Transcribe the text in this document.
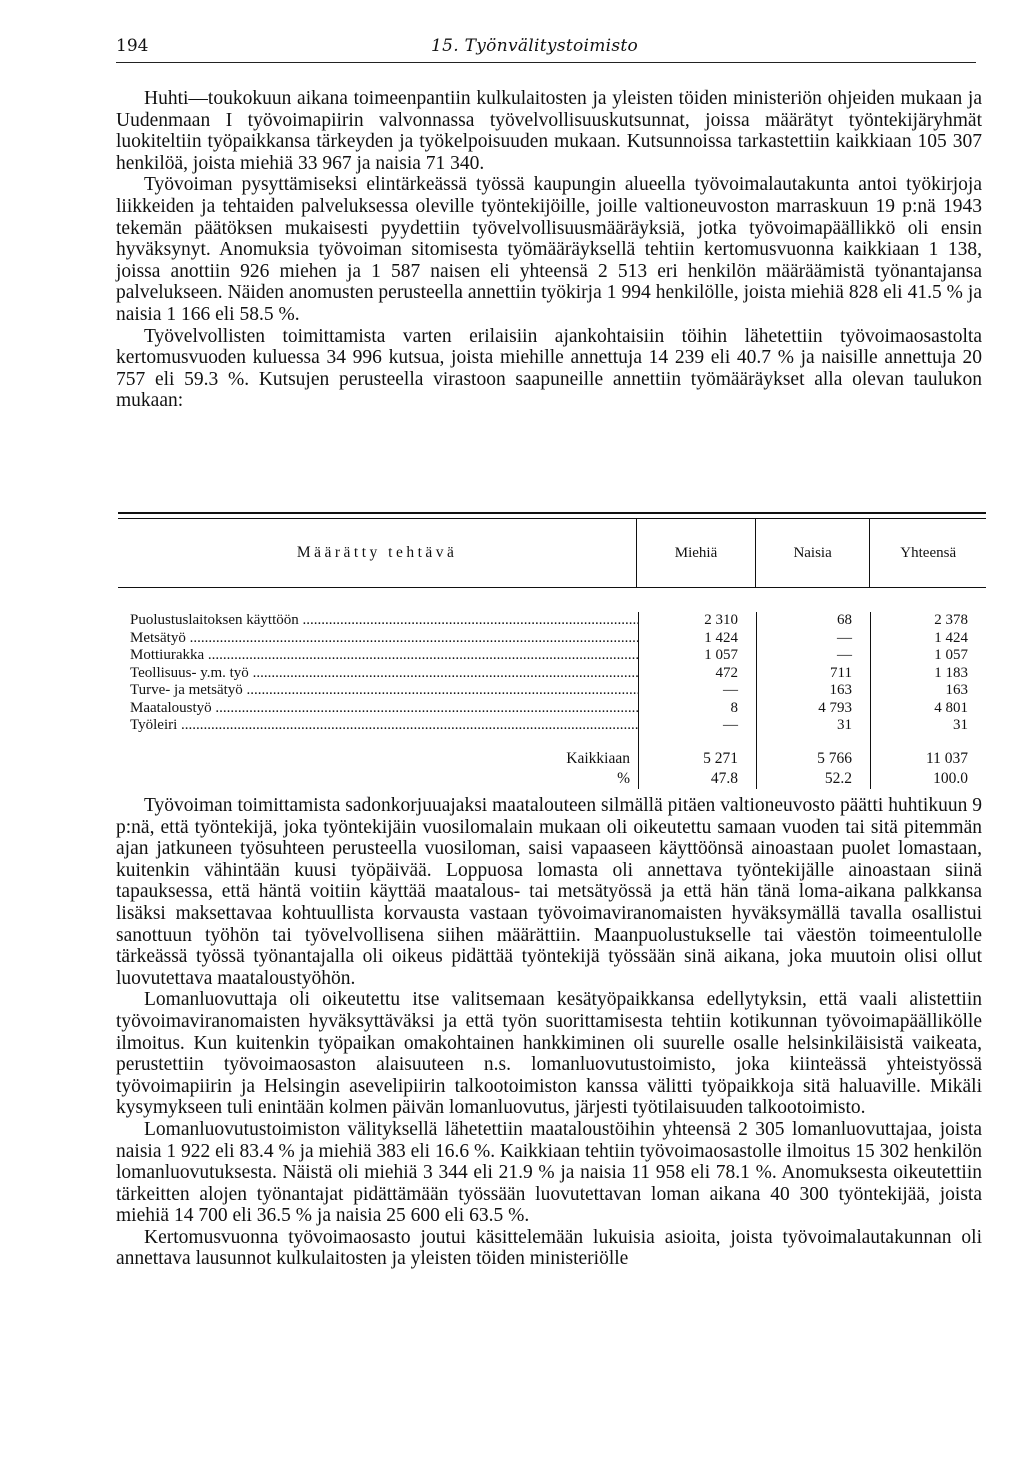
194	15. Työnvälitystoimisto

Huhti—toukokuun aikana toimeenpantiin kulkulaitosten ja yleisten töiden ministeriön ohjeiden mukaan ja Uudenmaan I työvoimapiirin valvonnassa työvelvollisuuskutsunnat, joissa määrätyt työntekijäryhmät luokiteltiin työpaikkansa tärkeyden ja työkelpoisuuden mukaan. Kutsunnoissa tarkastettiin kaikkiaan 105 307 henkilöä, joista miehiä 33 967 ja naisia 71 340.

Työvoiman pysyttämiseksi elintärkeässä työssä kaupungin alueella työvoimalautakunta antoi työkirjoja liikkeiden ja tehtaiden palveluksessa oleville työntekijöille, joille valtioneuvoston marraskuun 19 p:nä 1943 tekemän päätöksen mukaisesti pyydettiin työvelvollisuusmääräyksiä, jotka työvoimapäällikkö oli ensin hyväksynyt. Anomuksia työvoiman sitomisesta työmääräyksellä tehtiin kertomusvuonna kaikkiaan 1 138, joissa anottiin 926 miehen ja 1 587 naisen eli yhteensä 2 513 eri henkilön määräämistä työnantajansa palvelukseen. Näiden anomusten perusteella annettiin työkirja 1 994 henkilölle, joista miehiä 828 eli 41.5 % ja naisia 1 166 eli 58.5 %.

Työvelvollisten toimittamista varten erilaisiin ajankohtaisiin töihin lähetettiin työvoimaosastolta kertomusvuoden kuluessa 34 996 kutsua, joista miehille annettuja 14 239 eli 40.7 % ja naisille annettuja 20 757 eli 59.3 %. Kutsujen perusteella virastoon saapuneille annettiin työmääräykset alla olevan taulukon mukaan:

Määrätty tehtävä	Miehiä	Naisia	Yhteensä
Puolustuslaitoksen käyttöön .....	2 310	68	2 378
Metsätyö .....	1 424	—	1 424
Mottiurakka .....	1 057	—	1 057
Teollisuus- y.m. työ .....	472	711	1 183
Turve- ja metsätyö .....	—	163	163
Maataloustyö .....	8	4 793	4 801
Työleiri .....	—	31	31
Kaikkiaan	5 271	5 766	11 037
%	47.8	52.2	100.0

Työvoiman toimittamista sadonkorjuuajaksi maatalouteen silmällä pitäen valtioneuvosto päätti huhtikuun 9 p:nä, että työntekijä, joka työntekijäin vuosilomalain mukaan oli oikeutettu samaan vuoden tai sitä pitemmän ajan jatkuneen työsuhteen perusteella vuosiloman, saisi vapaaseen käyttöönsä ainoastaan puolet lomastaan, kuitenkin vähintään kuusi työpäivää. Loppuosa lomasta oli annettava työntekijälle ainoastaan siinä tapauksessa, että häntä voitiin käyttää maatalous- tai metsätyössä ja että hän tänä loma-aikana palkkansa lisäksi maksettavaa kohtuullista korvausta vastaan työvoimaviranomaisten hyväksymällä tavalla osallistui sanottuun työhön tai työvelvollisena siihen määrättiin. Maanpuolustukselle tai väestön toimeentulolle tärkeässä työssä työnantajalla oli oikeus pidättää työntekijä työssään sinä aikana, joka muutoin olisi ollut luovutettava maataloustyöhön.

Lomanluovuttaja oli oikeutettu itse valitsemaan kesätyöpaikkansa edellytyksin, että vaali alistettiin työvoimaviranomaisten hyväksyttäväksi ja että työn suorittamisesta tehtiin kotikunnan työvoimapäällikölle ilmoitus. Kun kuitenkin työpaikan omakohtainen hankkiminen oli suurelle osalle helsinkiläisistä vaikeata, perustettiin työvoimaosaston alaisuuteen n.s. lomanluovutustoimisto, joka kiinteässä yhteistyössä työvoimapiirin ja Helsingin asevelipiirin talkootoimiston kanssa välitti työpaikkoja sitä haluaville. Mikäli kysymykseen tuli enintään kolmen päivän lomanluovutus, järjesti työtilaisuuden talkootoimisto.

Lomanluovutustoimiston välityksellä lähetettiin maataloustöihin yhteensä 2 305 lomanluovuttajaa, joista naisia 1 922 eli 83.4 % ja miehiä 383 eli 16.6 %. Kaikkiaan tehtiin työvoimaosastolle ilmoitus 15 302 henkilön lomanluovutuksesta. Näistä oli miehiä 3 344 eli 21.9 % ja naisia 11 958 eli 78.1 %. Anomuksesta oikeutettiin tärkeitten alojen työnantajat pidättämään työssään luovutettavan loman aikana 40 300 työntekijää, joista miehiä 14 700 eli 36.5 % ja naisia 25 600 eli 63.5 %.

Kertomusvuonna työvoimaosasto joutui käsittelemään lukuisia asioita, joista työvoimalautakunnan oli annettava lausunnot kulkulaitosten ja yleisten töiden ministeriölle
